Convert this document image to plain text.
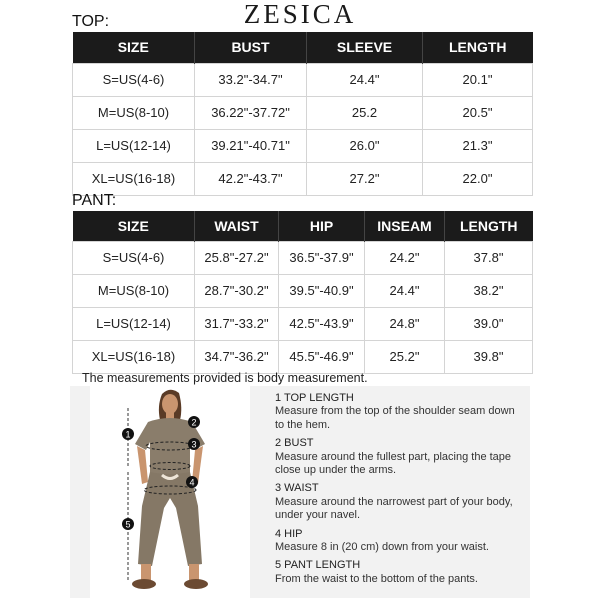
ZESICA
TOP:
SIZE	BUST	SLEEVE	LENGTH
S=US(4-6)	33.2"-34.7"	24.4"	20.1"
M=US(8-10)	36.22"-37.72"	25.2	20.5"
L=US(12-14)	39.21"-40.71"	26.0"	21.3"
XL=US(16-18)	42.2"-43.7"	27.2"	22.0"
PANT:
SIZE	WAIST	HIP	INSEAM	LENGTH
S=US(4-6)	25.8"-27.2"	36.5"-37.9"	24.2"	37.8"
M=US(8-10)	28.7"-30.2"	39.5"-40.9"	24.4"	38.2"
L=US(12-14)	31.7"-33.2"	42.5"-43.9"	24.8"	39.0"
XL=US(16-18)	34.7"-36.2"	45.5"-46.9"	25.2"	39.8"
The measurements provided is body measurement.
1
2
3
4
5
1 TOP LENGTH
Measure from the top of the shoulder seam down to the hem.
2 BUST
Measure around the fullest part, placing the tape close up under the arms.
3 WAIST
Measure around the narrowest part of your body, under your navel.
4 HIP
Measure 8 in (20 cm) down from your waist.
5 PANT LENGTH
From the waist to the bottom of the pants.
